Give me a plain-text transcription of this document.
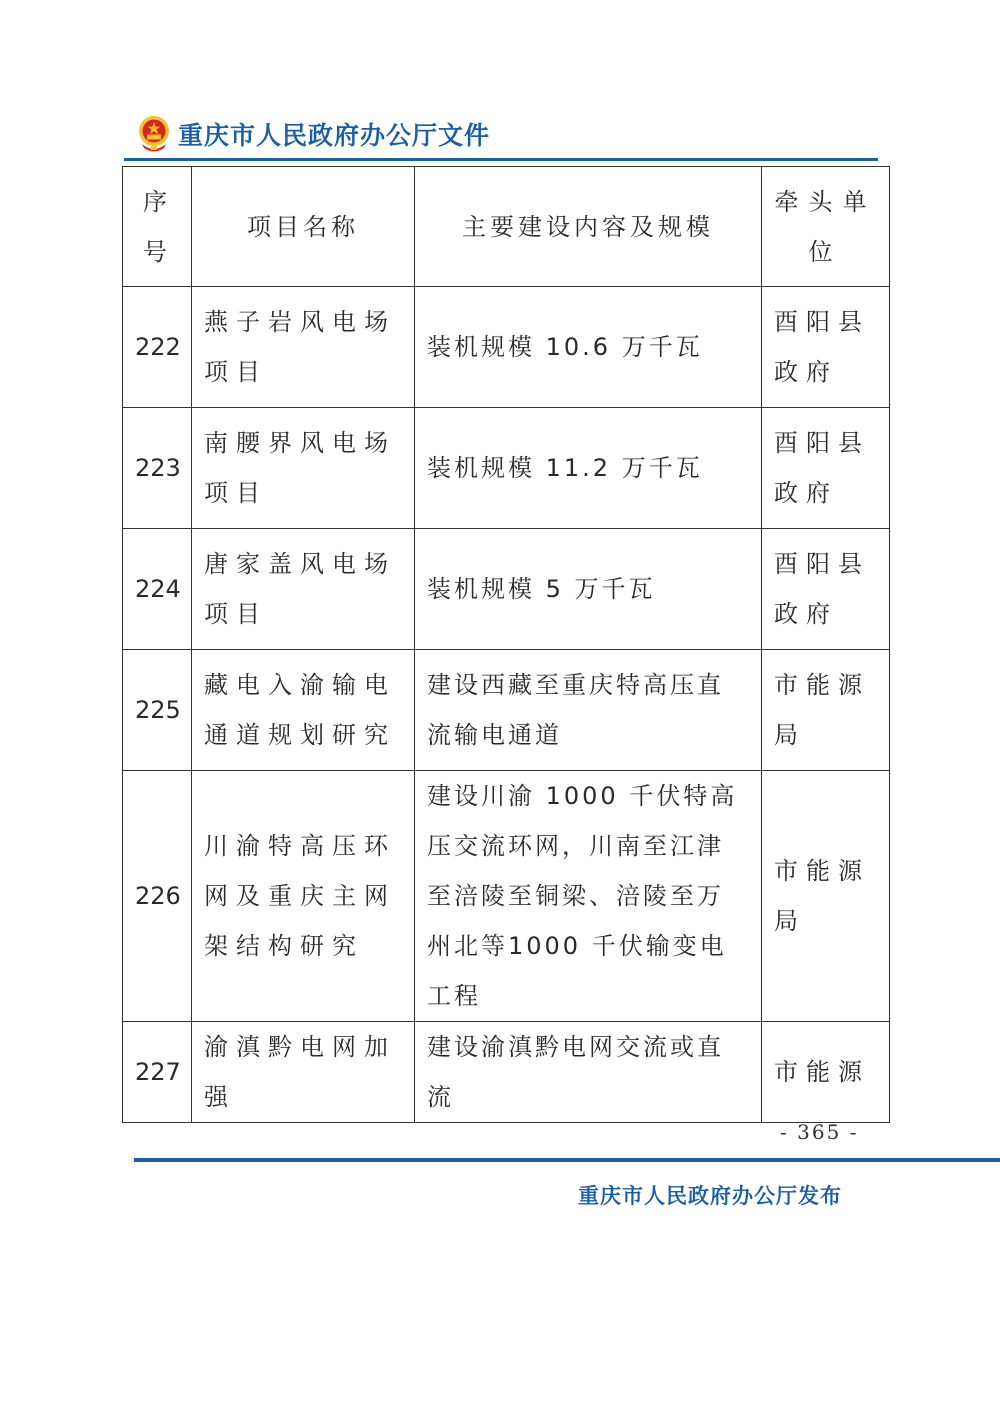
重庆市人民政府办公厅文件
序号	项目名称	主要建设内容及规模	牵头单位
222	燕子岩风电场项目	装机规模 10.6 万千瓦	酉阳县政府
223	南腰界风电场项目	装机规模 11.2 万千瓦	酉阳县政府
224	唐家盖风电场项目	装机规模 5 万千瓦	酉阳县政府
225	藏电入渝输电通道规划研究	建设西藏至重庆特高压直流输电通道	市能源局
226	川渝特高压环网及重庆主网架结构研究	建设川渝 1000 千伏特高压交流环网，川南至江津至涪陵至铜梁、涪陵至万州北等1000 千伏输变电工程	市能源局
227	渝滇黔电网加强	建设渝滇黔电网交流或直流	市能源
- 365 -
重庆市人民政府办公厅发布
